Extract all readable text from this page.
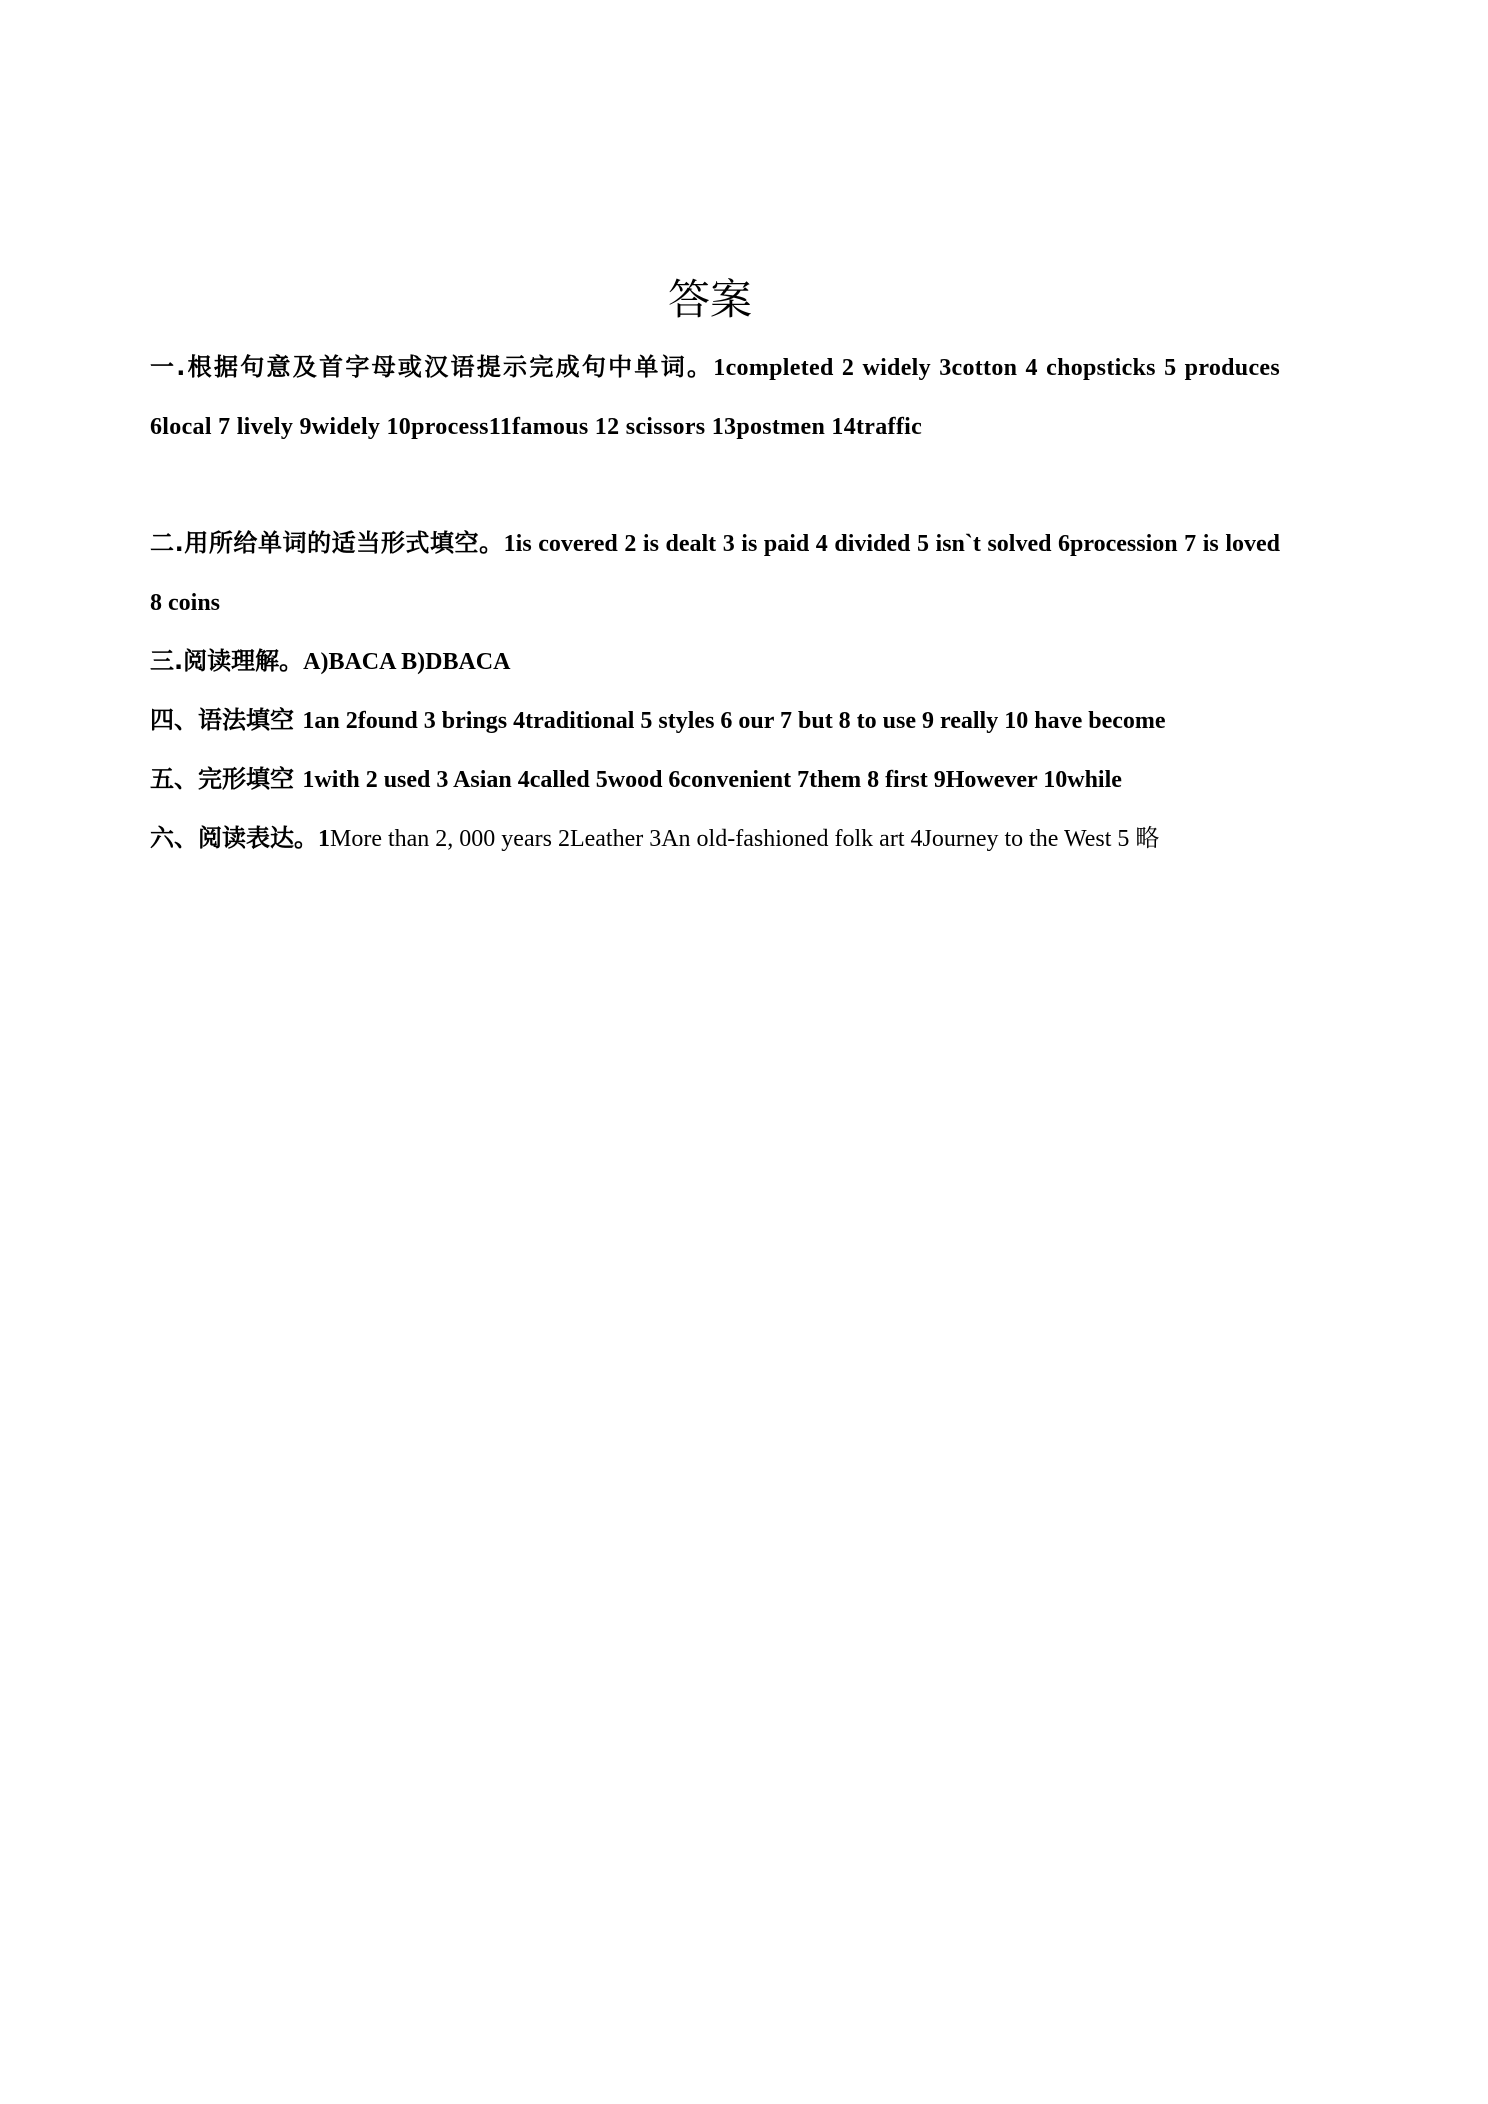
答案
一.根据句意及首字母或汉语提示完成句中单词。1completed 2 widely 3cotton 4 chopsticks 5 produces 6local 7 lively 9widely 10process11famous 12 scissors 13postmen 14traffic
二.用所给单词的适当形式填空。1is covered 2 is dealt 3 is paid 4 divided 5 isn`t solved 6procession 7 is loved 8 coins
三.阅读理解。A)BACA B)DBACA
四、语法填空 1an 2found 3 brings 4traditional 5 styles 6 our 7 but 8 to use 9 really 10 have become
五、完形填空 1with 2 used 3 Asian 4called 5wood 6convenient 7them 8 first 9However 10while
六、阅读表达。1More than 2, 000 years 2Leather 3An old-fashioned folk art 4Journey to the West 5 略
